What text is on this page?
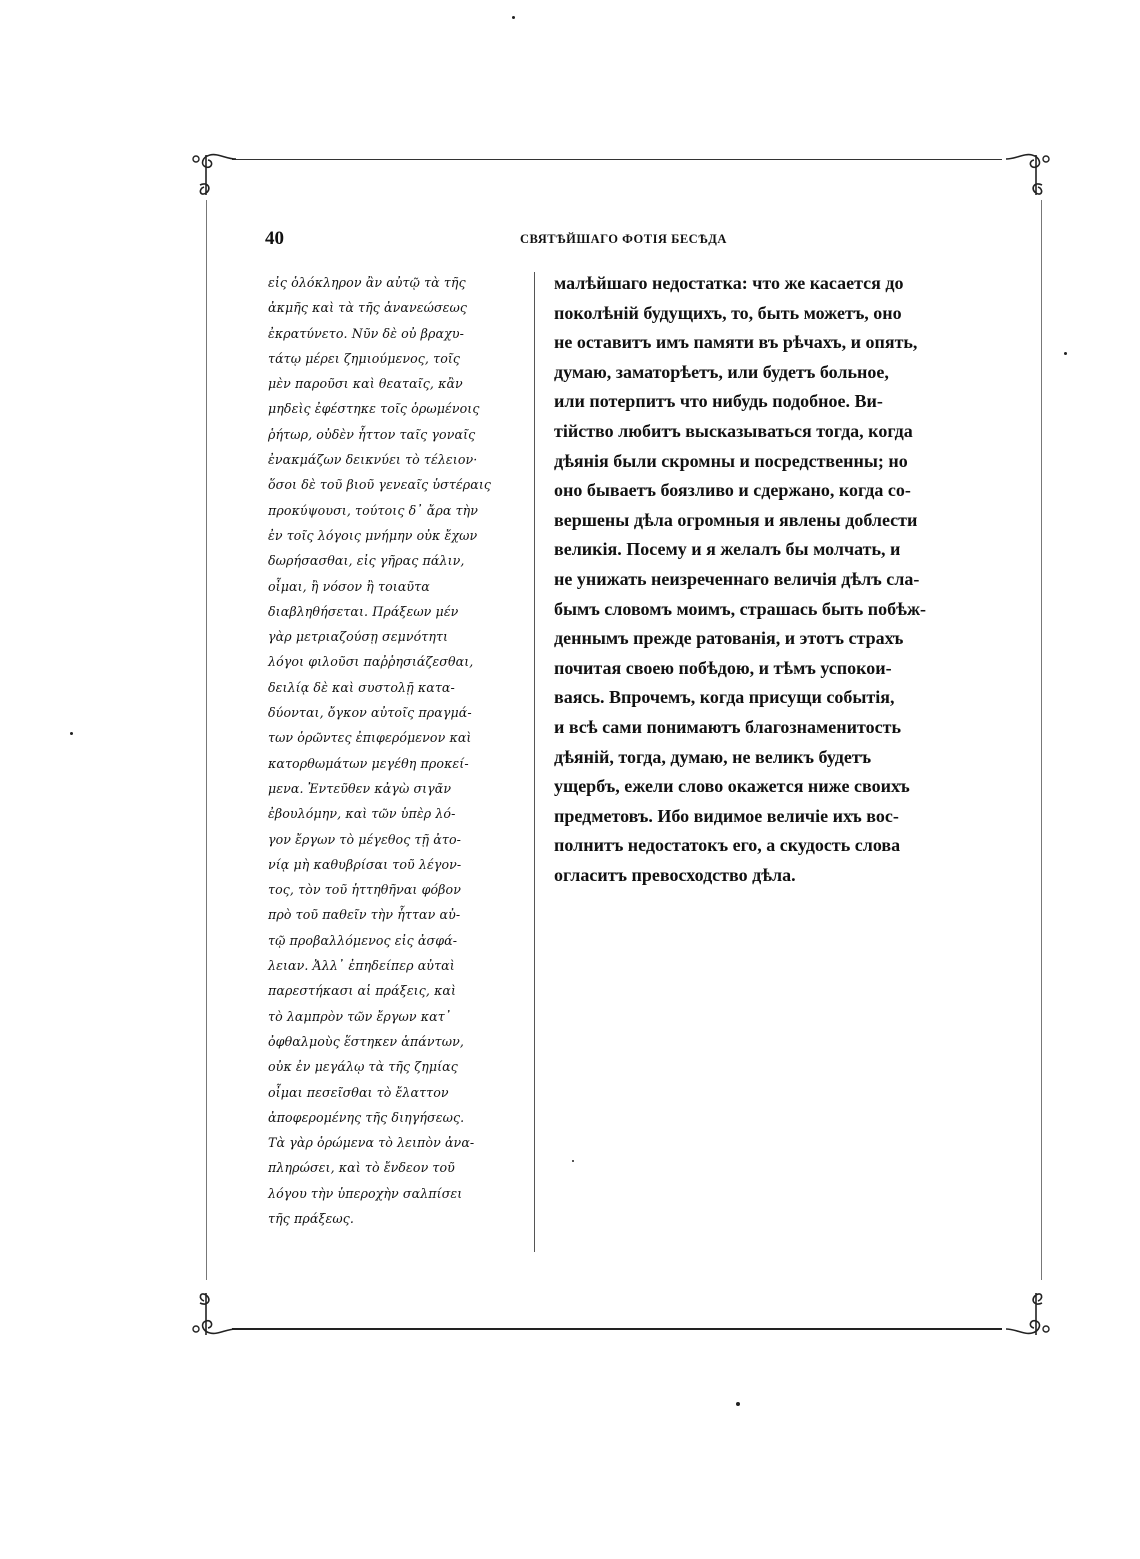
40	СВЯТѢЙШАГО ФОТІЯ БЕСѢДА
εἰς ὁλόκληρον ἂν αὐτῷ τὰ τῆς
ἀκμῆς καὶ τὰ τῆς ἀνανεώσεως
ἐκρατύνετο. Νῦν δὲ οὐ βραχυ-
τάτῳ μέρει ζημιούμενος, τοῖς
μὲν παροῦσι καὶ θεαταῖς, κἂν
μηδεὶς ἐφέστηκε τοῖς ὁρωμένοις
ῥήτωρ, οὐδὲν ἧττον ταῖς γοναῖς
ἐνακμάζων δεικνύει τὸ τέλειον·
ὅσοι δὲ τοῦ βιοῦ γενεαῖς ὑστέραις
προκύψουσι, τούτοις δ᾽ ἄρα τὴν
ἐν τοῖς λόγοις μνήμην οὐκ ἔχων
δωρήσασθαι, εἰς γῆρας πάλιν,
οἶμαι, ἢ νόσον ἢ τοιαῦτα
διαβληθήσεται. Πράξεων μέν
γὰρ μετριαζούσῃ σεμνότητι
λόγοι φιλοῦσι παῤῥησιάζεσθαι,
δειλίᾳ δὲ καὶ συστολῇ κατα-
δύονται, ὄγκον αὐτοῖς πραγμά-
των ὁρῶντες ἐπιφερόμενον καὶ
κατορθωμάτων μεγέθη προκεί-
μενα. Ἐντεῦθεν κἀγὼ σιγᾶν
ἐβουλόμην, καὶ τῶν ὑπὲρ λό-
γον ἔργων τὸ μέγεθος τῇ ἀτο-
νίᾳ μὴ καθυβρίσαι τοῦ λέγον-
τος, τὸν τοῦ ἡττηθῆναι φόβον
πρὸ τοῦ παθεῖν τὴν ἧτταν αὐ-
τῷ προβαλλόμενος εἰς ἀσφά-
λειαν. Ἀλλ᾽ ἐπηδείπερ αὐταὶ
παρεστήκασι αἱ πράξεις, καὶ
τὸ λαμπρὸν τῶν ἔργων κατ᾽
ὀφθαλμοὺς ἕστηκεν ἁπάντων,
οὐκ ἐν μεγάλῳ τὰ τῆς ζημίας
οἶμαι πεσεῖσθαι τὸ ἔλαττον
ἀποφερομένης τῆς διηγήσεως.
Τὰ γὰρ ὁρώμενα τὸ λειπὸν ἀνα-
πληρώσει, καὶ τὸ ἔνδεον τοῦ
λόγου τὴν ὑπεροχὴν σαλπίσει
τῆς πράξεως.
малѣйшаго недостатка: что же касается до
поколѣній будущихъ, то, быть можетъ, оно
не оставитъ имъ памяти въ рѣчахъ, и опять,
думаю, заматорѣетъ, или будетъ больное,
или потерпитъ что нибудь подобное. Ви-
тійство любитъ высказываться тогда, когда
дѣянія были скромны и посредственны; но
оно бываетъ боязливо и сдержано, когда со-
вершены дѣла огромныя и явлены доблести
великія. Посему и я желалъ бы молчать, и
не унижать неизреченнаго величія дѣлъ сла-
бымъ словомъ моимъ, страшась быть побѣж-
деннымъ прежде ратованія, и этотъ страхъ
почитая своею побѣдою, и тѣмъ успокои-
ваясь. Впрочемъ, когда присущи событія,
и всѣ сами понимаютъ благознаменитость
дѣяній, тогда, думаю, не великъ будетъ
ущербъ, ежели слово окажется ниже своихъ
предметовъ. Ибо видимое величіе ихъ вос-
полнитъ недостатокъ его, а скудость слова
огласитъ превосходство дѣла.
